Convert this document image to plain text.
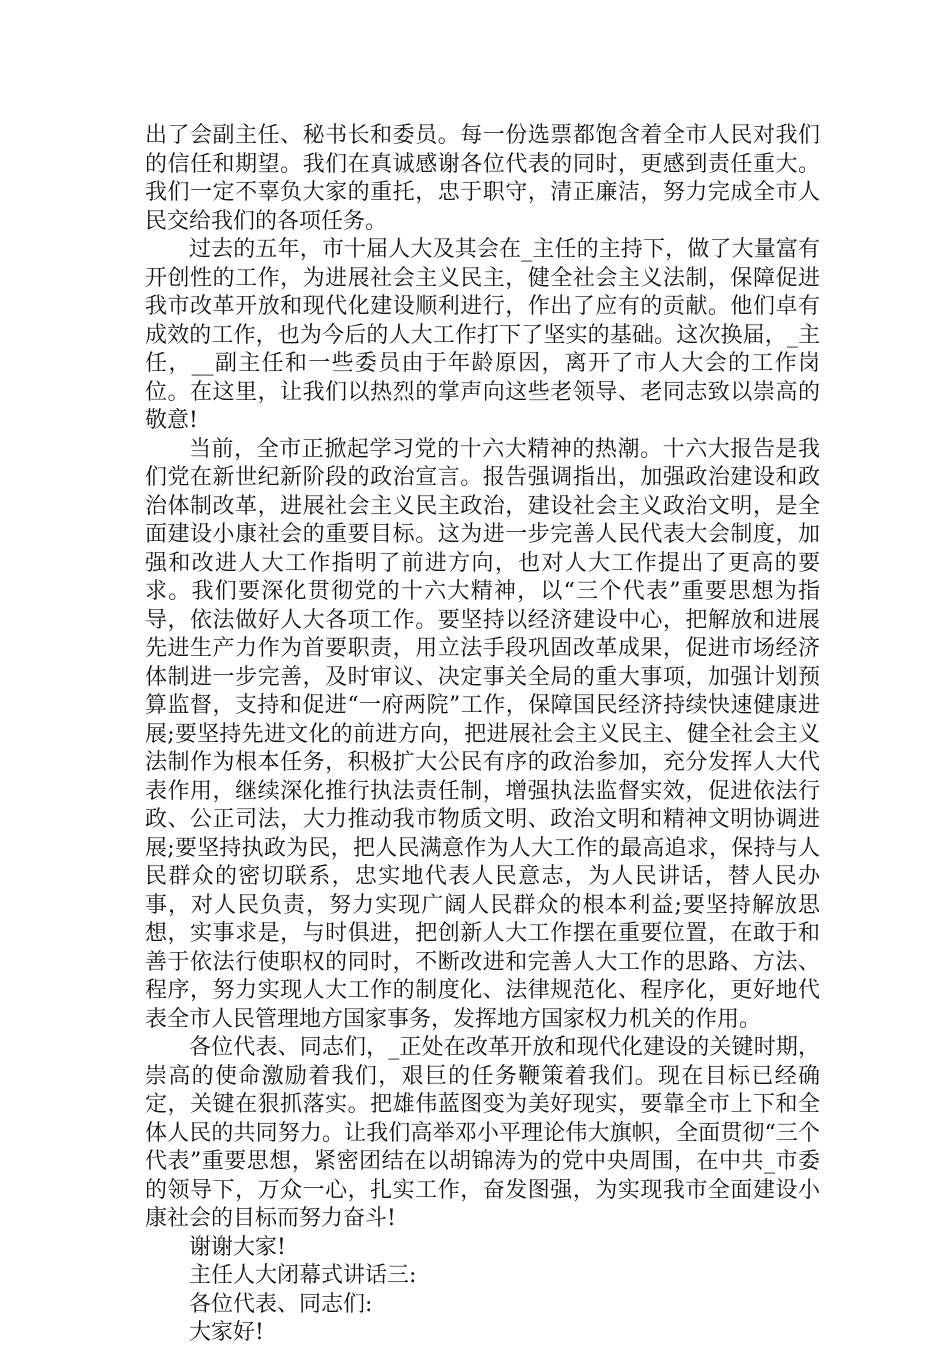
出了会副主任、秘书长和委员。每一份选票都饱含着全市人民对我们的信任和期望。我们在真诚感谢各位代表的同时，更感到责任重大。我们一定不辜负大家的重托，忠于职守，清正廉洁，努力完成全市人民交给我们的各项任务。

过去的五年，市十届人大及其会在_主任的主持下，做了大量富有开创性的工作，为进展社会主义民主，健全社会主义法制，保障促进我市改革开放和现代化建设顺利进行，作出了应有的贡献。他们卓有成效的工作，也为今后的人大工作打下了坚实的基础。这次换届，_主任，__副主任和一些委员由于年龄原因，离开了市人大会的工作岗位。在这里，让我们以热烈的掌声向这些老领导、老同志致以崇高的敬意!

当前，全市正掀起学习党的十六大精神的热潮。十六大报告是我们党在新世纪新阶段的政治宣言。报告强调指出，加强政治建设和政治体制改革，进展社会主义民主政治，建设社会主义政治文明，是全面建设小康社会的重要目标。这为进一步完善人民代表大会制度，加强和改进人大工作指明了前进方向，也对人大工作提出了更高的要求。我们要深化贯彻党的十六大精神，以“三个代表”重要思想为指导，依法做好人大各项工作。要坚持以经济建设中心，把解放和进展先进生产力作为首要职责，用立法手段巩固改革成果，促进市场经济体制进一步完善，及时审议、决定事关全局的重大事项，加强计划预算监督，支持和促进“一府两院”工作，保障国民经济持续快速健康进展;要坚持先进文化的前进方向，把进展社会主义民主、健全社会主义法制作为根本任务，积极扩大公民有序的政治参加，充分发挥人大代表作用，继续深化推行执法责任制，增强执法监督实效，促进依法行政、公正司法，大力推动我市物质文明、政治文明和精神文明协调进展;要坚持执政为民，把人民满意作为人大工作的最高追求，保持与人民群众的密切联系，忠实地代表人民意志，为人民讲话，替人民办事，对人民负责，努力实现广阔人民群众的根本利益;要坚持解放思想，实事求是，与时俱进，把创新人大工作摆在重要位置，在敢于和善于依法行使职权的同时，不断改进和完善人大工作的思路、方法、程序，努力实现人大工作的制度化、法律规范化、程序化，更好地代表全市人民管理地方国家事务，发挥地方国家权力机关的作用。

各位代表、同志们，_正处在改革开放和现代化建设的关键时期，崇高的使命激励着我们，艰巨的任务鞭策着我们。现在目标已经确定，关键在狠抓落实。把雄伟蓝图变为美好现实，要靠全市上下和全体人民的共同努力。让我们高举邓小平理论伟大旗帜，全面贯彻“三个代表”重要思想，紧密团结在以胡锦涛为的党中央周围，在中共_市委的领导下，万众一心，扎实工作，奋发图强，为实现我市全面建设小康社会的目标而努力奋斗!

谢谢大家!

主任人大闭幕式讲话三:

各位代表、同志们:

大家好!
